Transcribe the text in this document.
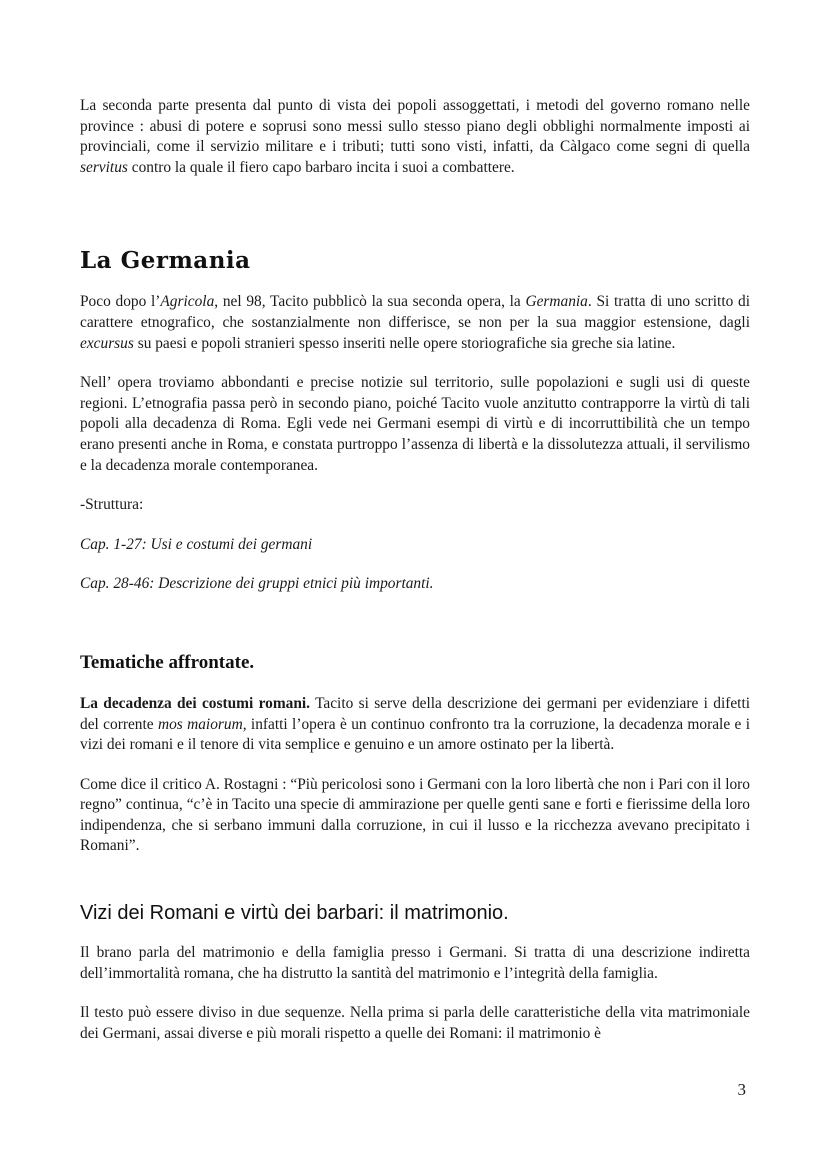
La seconda parte presenta dal punto di vista dei popoli assoggettati, i metodi del governo romano nelle province : abusi di potere e soprusi sono messi sullo stesso piano degli obblighi normalmente imposti ai provinciali, come il servizio militare e i tributi; tutti sono visti, infatti, da Càlgaco come segni di quella servitus contro la quale il fiero capo barbaro incita i suoi a combattere.

La Germania

Poco dopo l’Agricola, nel 98, Tacito pubblicò la sua seconda opera, la Germania. Si tratta di uno scritto di carattere etnografico, che sostanzialmente non differisce, se non per la sua maggior estensione, dagli excursus su paesi e popoli stranieri spesso inseriti nelle opere storiografiche sia greche sia latine.

Nell’ opera troviamo abbondanti e precise notizie sul territorio, sulle popolazioni e sugli usi di queste regioni. L’etnografia passa però in secondo piano, poiché Tacito vuole anzitutto contrapporre la virtù di tali popoli alla decadenza di Roma. Egli vede nei Germani esempi di virtù e di incorruttibilità che un tempo erano presenti anche in Roma, e constata purtroppo l’assenza di libertà e la dissolutezza attuali, il servilismo e la decadenza morale contemporanea.

-Struttura:

Cap. 1-27: Usi e costumi dei germani

Cap. 28-46: Descrizione dei gruppi etnici più importanti.

Tematiche affrontate.

La decadenza dei costumi romani. Tacito si serve della descrizione dei germani per evidenziare i difetti del corrente mos maiorum, infatti l’opera è un continuo confronto tra la corruzione, la decadenza morale e i vizi dei romani e il tenore di vita semplice e genuino e un amore ostinato per la libertà.

Come dice il critico A. Rostagni : “Più pericolosi sono i Germani con la loro libertà che non i Pari con il loro regno” continua, “c’è in Tacito una specie di ammirazione per quelle genti sane e forti e fierissime della loro indipendenza, che si serbano immuni dalla corruzione, in cui il lusso e la ricchezza avevano precipitato i Romani”.

Vizi dei Romani e virtù dei barbari: il matrimonio.

Il brano parla del matrimonio e della famiglia presso i Germani. Si tratta di una descrizione indiretta dell’immortalità romana, che ha distrutto la santità del matrimonio e l’integrità della famiglia.

Il testo può essere diviso in due sequenze. Nella prima si parla delle caratteristiche della vita matrimoniale dei Germani, assai diverse e più morali rispetto a quelle dei Romani: il matrimonio è

3
